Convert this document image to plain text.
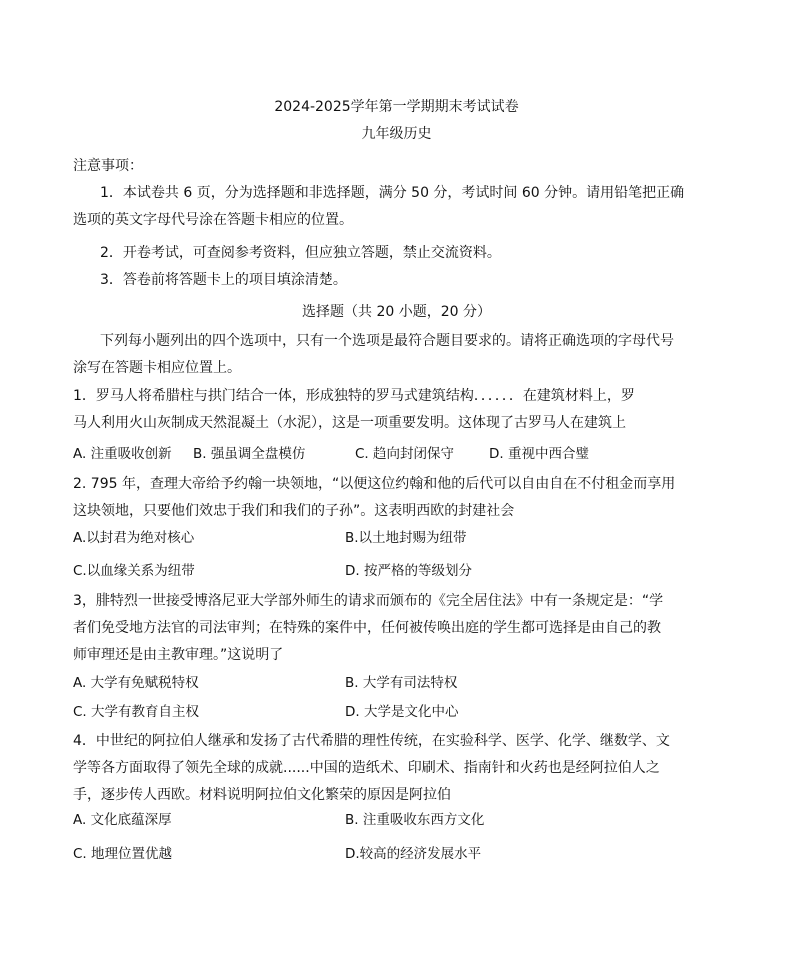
2024-2025学年第一学期期末考试试卷
九年级历史
注意事项：
1．本试卷共 6 页，分为选择题和非选择题，满分 50 分，考试时间 60 分钟。请用铅笔把正确
选项的英文字母代号涂在答题卡相应的位置。
2．开卷考试，可查阅参考资料，但应独立答题，禁止交流资料。
3．答卷前将答题卡上的项目填涂清楚。
选择题（共 20 小题，20 分）
下列每小题列出的四个选项中，只有一个选项是最符合题目要求的。请将正确选项的字母代号
涂写在答题卡相应位置上。
1．罗马人将希腊柱与拱门结合一体，形成独特的罗马式建筑结构．．．．．．在建筑材料上，罗
马人利用火山灰制成天然混凝土（水泥），这是一项重要发明。这体现了古罗马人在建筑上
A. 注重吸收创新 B. 强虽调全盘模仿	C. 趋向封闭保守	D. 重视中西合璧
2. 795 年，查理大帝给予约翰一块领地，“以便这位约翰和他的后代可以自由自在不付租金而享用
这块领地，只要他们效忠于我们和我们的子孙”。这表明西欧的封建社会
A.以封君为绝对核心	B.以土地封赐为纽带
C.以血缘关系为纽带	D. 按严格的等级划分
3，腓特烈一世接受博洛尼亚大学部外师生的请求而颁布的《完全居住法》中有一条规定是：“学
者们免受地方法官的司法审判；在特殊的案件中，任何被传唤出庭的学生都可选择是由自己的教
师审理还是由主教审理。”这说明了
A. 大学有免赋税特权	B. 大学有司法特权
C. 大学有教育自主权	D. 大学是文化中心
4．中世纪的阿拉伯人继承和发扬了古代希腊的理性传统，在实验科学、医学、化学、继数学、文
学等各方面取得了领先全球的成就......中国的造纸术、印刷术、指南针和火药也是经阿拉伯人之
手，逐步传人西欧。材料说明阿拉伯文化繁荣的原因是阿拉伯
A. 文化底蕴深厚	B. 注重吸收东西方文化
C. 地理位置优越	D.较高的经济发展水平
